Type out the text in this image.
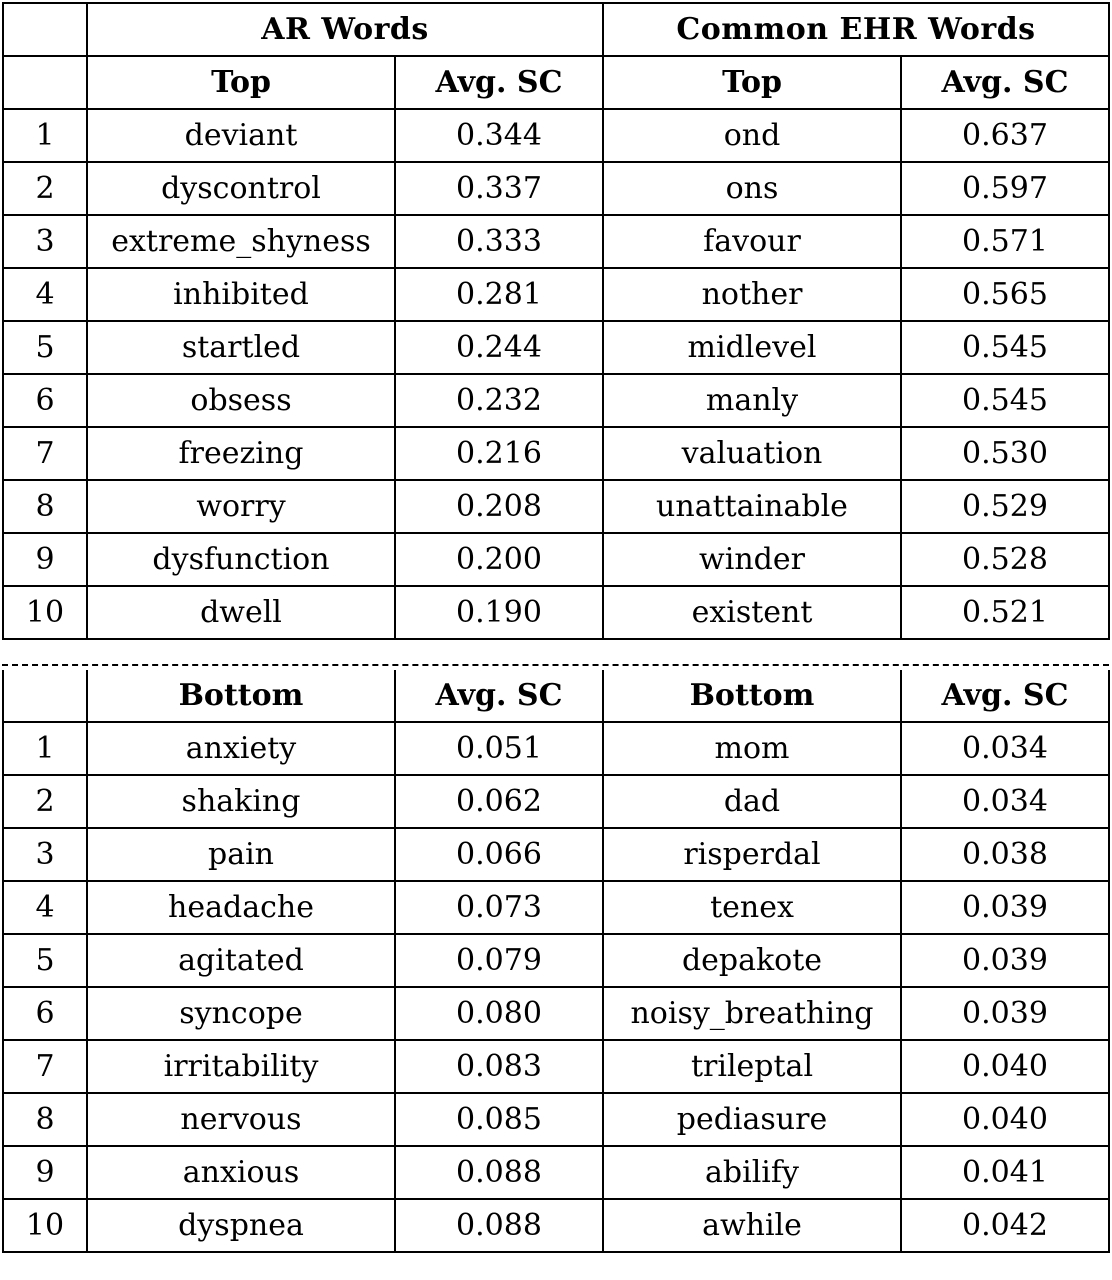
	AR Words		Common EHR Words	
	Top	Avg. SC	Top	Avg. SC
1	deviant	0.344	ond	0.637
2	dyscontrol	0.337	ons	0.597
3	extreme_shyness	0.333	favour	0.571
4	inhibited	0.281	nother	0.565
5	startled	0.244	midlevel	0.545
6	obsess	0.232	manly	0.545
7	freezing	0.216	valuation	0.530
8	worry	0.208	unattainable	0.529
9	dysfunction	0.200	winder	0.528
10	dwell	0.190	existent	0.521
	Bottom	Avg. SC	Bottom	Avg. SC
1	anxiety	0.051	mom	0.034
2	shaking	0.062	dad	0.034
3	pain	0.066	risperdal	0.038
4	headache	0.073	tenex	0.039
5	agitated	0.079	depakote	0.039
6	syncope	0.080	noisy_breathing	0.039
7	irritability	0.083	trileptal	0.040
8	nervous	0.085	pediasure	0.040
9	anxious	0.088	abilify	0.041
10	dyspnea	0.088	awhile	0.042
